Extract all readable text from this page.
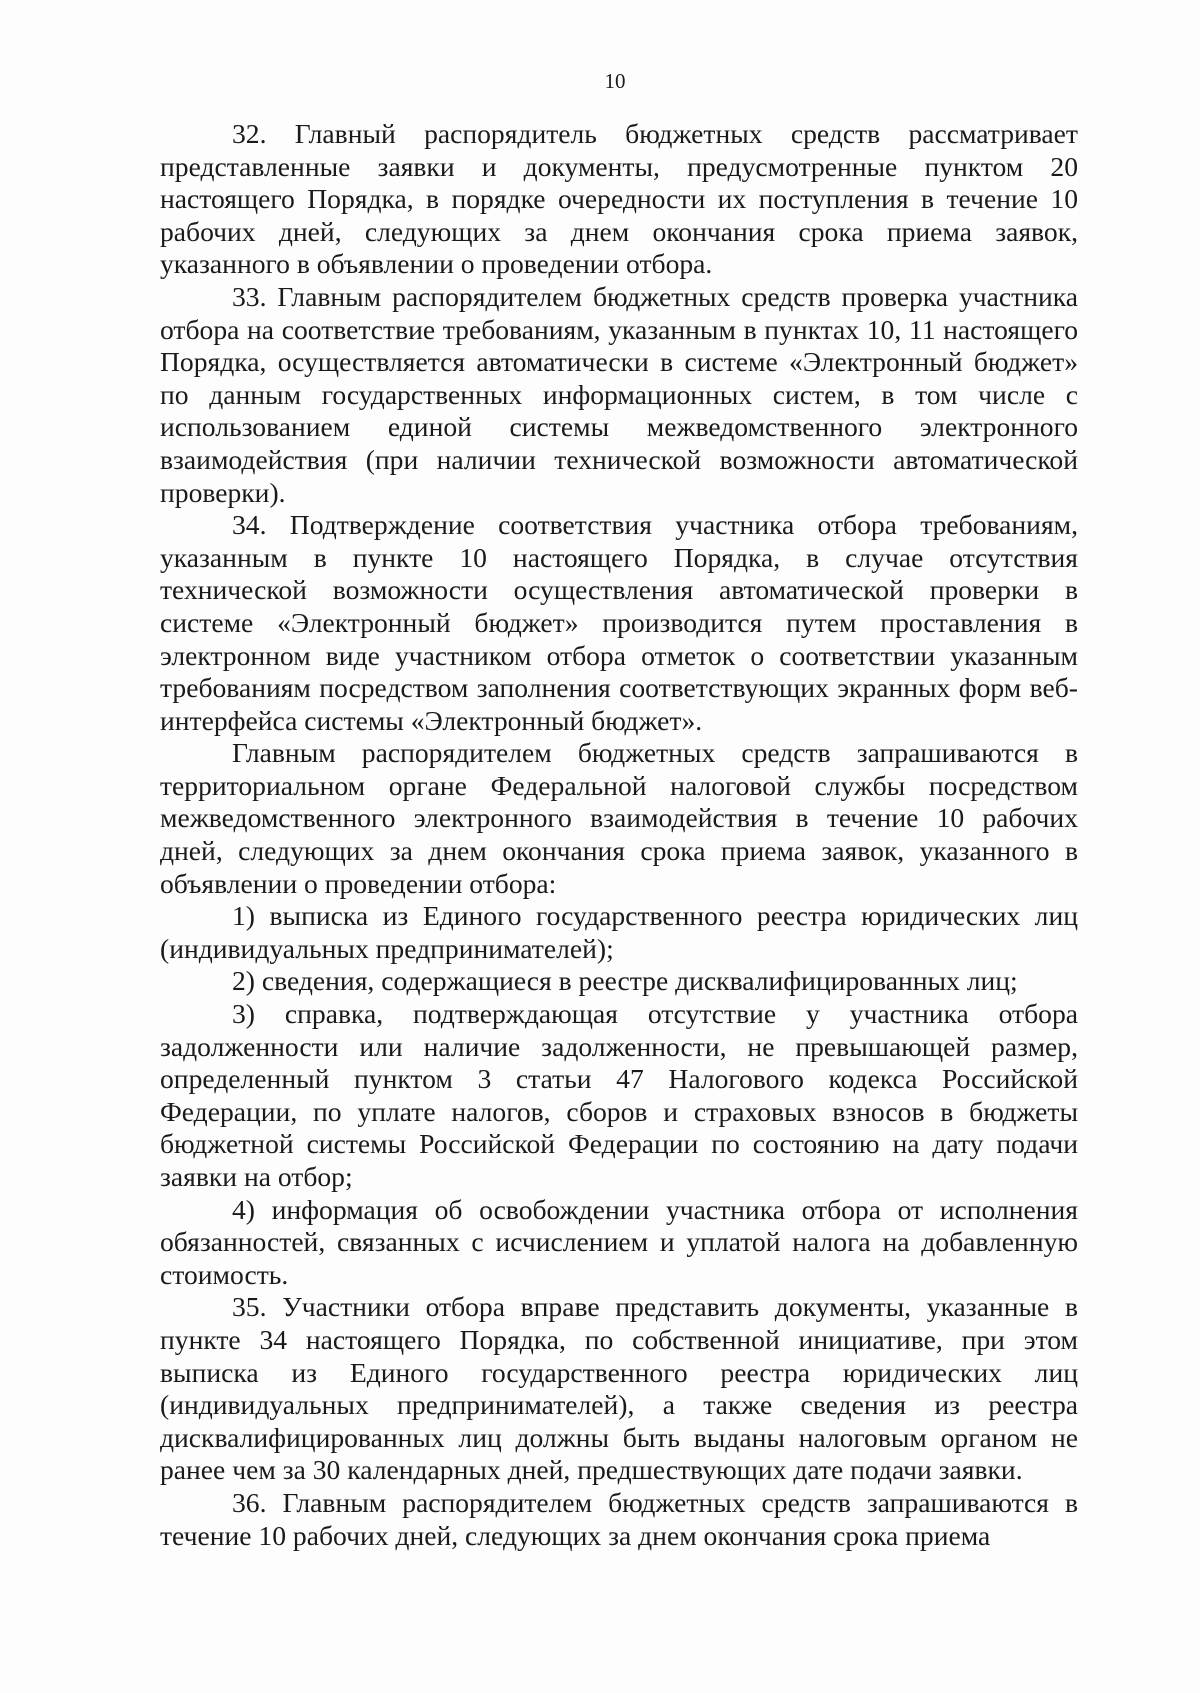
10

32. Главный распорядитель бюджетных средств рассматривает представленные заявки и документы, предусмотренные пунктом 20 настоящего Порядка, в порядке очередности их поступления в течение 10 рабочих дней, следующих за днем окончания срока приема заявок, указанного в объявлении о проведении отбора.

33. Главным распорядителем бюджетных средств проверка участника отбора на соответствие требованиям, указанным в пунктах 10, 11 настоящего Порядка, осуществляется автоматически в системе «Электронный бюджет» по данным государственных информационных систем, в том числе с использованием единой системы межведомственного электронного взаимодействия (при наличии технической возможности автоматической проверки).

34. Подтверждение соответствия участника отбора требованиям, указанным в пункте 10 настоящего Порядка, в случае отсутствия технической возможности осуществления автоматической проверки в системе «Электронный бюджет» производится путем проставления в электронном виде участником отбора отметок о соответствии указанным требованиям посредством заполнения соответствующих экранных форм веб-интерфейса системы «Электронный бюджет».

Главным распорядителем бюджетных средств запрашиваются в территориальном органе Федеральной налоговой службы посредством межведомственного электронного взаимодействия в течение 10 рабочих дней, следующих за днем окончания срока приема заявок, указанного в объявлении о проведении отбора:

1) выписка из Единого государственного реестра юридических лиц (индивидуальных предпринимателей);

2) сведения, содержащиеся в реестре дисквалифицированных лиц;

3) справка, подтверждающая отсутствие у участника отбора задолженности или наличие задолженности, не превышающей размер, определенный пунктом 3 статьи 47 Налогового кодекса Российской Федерации, по уплате налогов, сборов и страховых взносов в бюджеты бюджетной системы Российской Федерации по состоянию на дату подачи заявки на отбор;

4) информация об освобождении участника отбора от исполнения обязанностей, связанных с исчислением и уплатой налога на добавленную стоимость.

35. Участники отбора вправе представить документы, указанные в пункте 34 настоящего Порядка, по собственной инициативе, при этом выписка из Единого государственного реестра юридических лиц (индивидуальных предпринимателей), а также сведения из реестра дисквалифицированных лиц должны быть выданы налоговым органом не ранее чем за 30 календарных дней, предшествующих дате подачи заявки.

36. Главным распорядителем бюджетных средств запрашиваются в течение 10 рабочих дней, следующих за днем окончания срока приема
